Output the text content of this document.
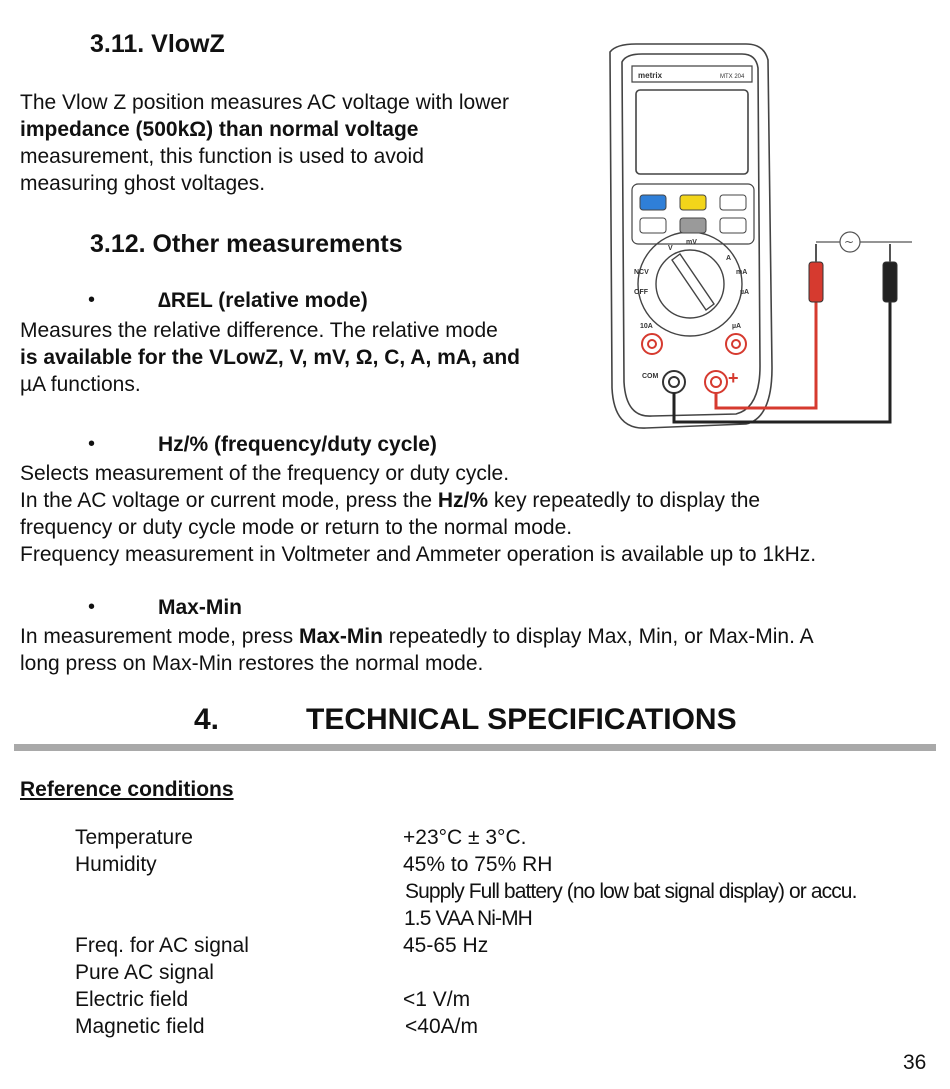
3.11. VlowZ
The Vlow Z position measures AC voltage with lower
impedance (500kΩ) than normal voltage
measurement, this function is used to avoid
measuring ghost voltages.
3.12. Other measurements
•	∆REL (relative mode)
Measures the relative difference. The relative mode
is available for the VLowZ, V, mV, Ω, C, A, mA, and
µA functions.
•	Hz/% (frequency/duty cycle)
Selects measurement of the frequency or duty cycle.
In the AC voltage or current mode, press the Hz/% key repeatedly to display the
frequency or duty cycle mode or return to the normal mode.
Frequency measurement in Voltmeter and Ammeter operation is available up to 1kHz.
•	Max-Min
In measurement mode, press Max-Min repeatedly to display Max, Min, or Max-Min. A
long press on Max-Min restores the normal mode.
4.	TECHNICAL SPECIFICATIONS
Reference conditions
Temperature	+23°C ± 3°C.
Humidity	45% to 75% RH
Supply Full battery (no low bat signal display) or accu.
1.5 VAA Ni-MH
Freq. for AC signal	45-65 Hz
Pure AC signal
Electric field	<1 V/m
Magnetic field	<40A/m
36
metrix	MTX 204
V
mV
A
NCV	mA
OFF	µA
10A	µA
COM	+
~
